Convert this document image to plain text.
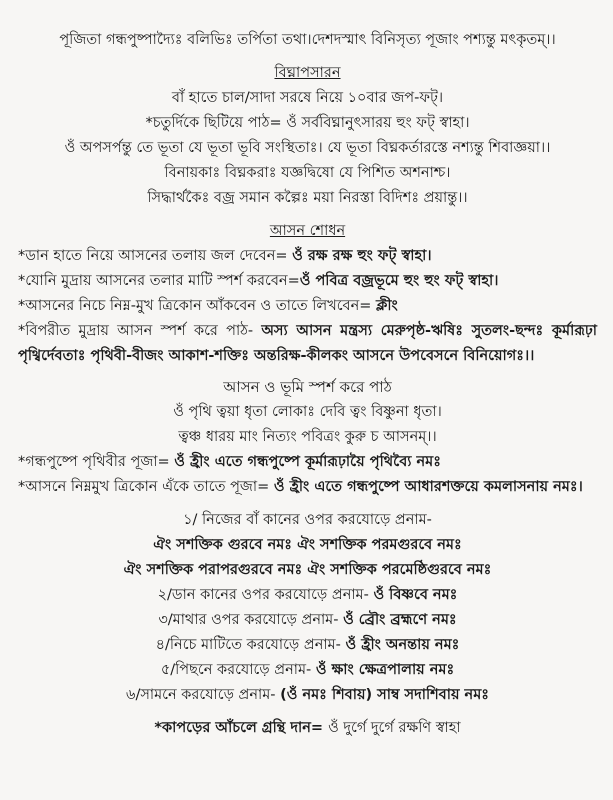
পূজিতা গন্ধপুষ্পাদ্যৈঃ বলিভিঃ তর্পিতা তথা।দেশদস্মাৎ বিনিসৃত্য পূজাং পশ্যন্তু মৎকৃতম্।।
বিঘ্নাপসারন
বাঁ হাতে চাল/সাদা সরষে নিয়ে ১০বার জপ-ফট্।
*চতুর্দিকে ছিটিয়ে পাঠ= ওঁ সর্ববিঘ্নানুৎসারয় হুং ফট্ স্বাহা।
ওঁ অপসর্পন্তু তে ভূতা যে ভূতা ভূবি সংস্থিতাঃ। যে ভূতা বিঘ্নকর্তারস্তে নশ্যন্তু শিবাজ্ঞয়া।।
বিনায়কাঃ বিঘ্নকরাঃ যজ্ঞদ্বিষো যে পিশিত অশনাশ্চ।
সিদ্ধার্থকৈঃ বজ্র সমান কল্পৈঃ ময়া নিরস্তা বিদিশঃ প্রয়ান্তু।।
আসন শোধন
*ডান হাতে নিয়ে আসনের তলায় জল দেবেন= ওঁ রক্ষ রক্ষ হুং ফট্ স্বাহা।
*যোনি মুদ্রায় আসনের তলার মাটি স্পর্শ করবেন=ওঁ পবিত্র বজ্রভূমে হুং হুং ফট্ স্বাহা।
*আসনের নিচে নিম্ন-মুখ ত্রিকোন আঁকবেন ও তাতে লিখবেন= ক্লীং
*বিপরীত মুদ্রায় আসন স্পর্শ করে পাঠ- অস্য আসন মন্ত্রস্য মেরুপৃষ্ঠ-ঋষিঃ সুতলং-ছন্দঃ কূর্মারূঢ়া পৃথ্বির্দেবতাঃ পৃথিবী-বীজং আকাশ-শক্তিঃ অন্তরিক্ষ-কীলকং আসনে উপবেসনে বিনিয়োগঃ।।
আসন ও ভূমি স্পর্শ করে পাঠ
ওঁ পৃথি ত্বয়া ধৃতা লোকাঃ দেবি ত্বং বিষ্ণুনা ধৃতা।
ত্বঞ্চ ধারয় মাং নিত্যং পবিত্রং কুরু চ আসনম্।।
*গন্ধপুষ্পে পৃথিবীর পূজা= ওঁ হ্রীং এতে গন্ধপুষ্পে কূর্মারূঢ়ায়ৈ পৃথিব্যৈ নমঃ
*আসনে নিম্নমুখ ত্রিকোন এঁকে তাতে পূজা= ওঁ হ্রীং এতে গন্ধপুষ্পে আধারশক্তয়ে কমলাসনায় নমঃ।
১/ নিজের বাঁ কানের ওপর করযোড়ে প্রনাম-
ঐং সশক্তিক গুরবে নমঃ ঐং সশক্তিক পরমগুরবে নমঃ
ঐং সশক্তিক পরাপরগুরবে নমঃ ঐং সশক্তিক পরমেষ্ঠিগুরবে নমঃ
২/ডান কানের ওপর করযোড়ে প্রনাম- ওঁ বিষ্ণবে নমঃ
৩/মাথার ওপর করযোড়ে প্রনাম- ওঁ ব্রৌং ব্রহ্মণে নমঃ
৪/নিচে মাটিতে করযোড়ে প্রনাম- ওঁ হ্রীং অনন্তায় নমঃ
৫/পিছনে করযোড়ে প্রনাম- ওঁ ক্ষাং ক্ষেত্রপালায় নমঃ
৬/সামনে করযোড়ে প্রনাম- (ওঁ নমঃ শিবায়) সাম্ব সদাশিবায় নমঃ
*কাপড়ের আঁচলে গ্রন্থি দান= ওঁ দুর্গে দুর্গে রক্ষণি স্বাহা
